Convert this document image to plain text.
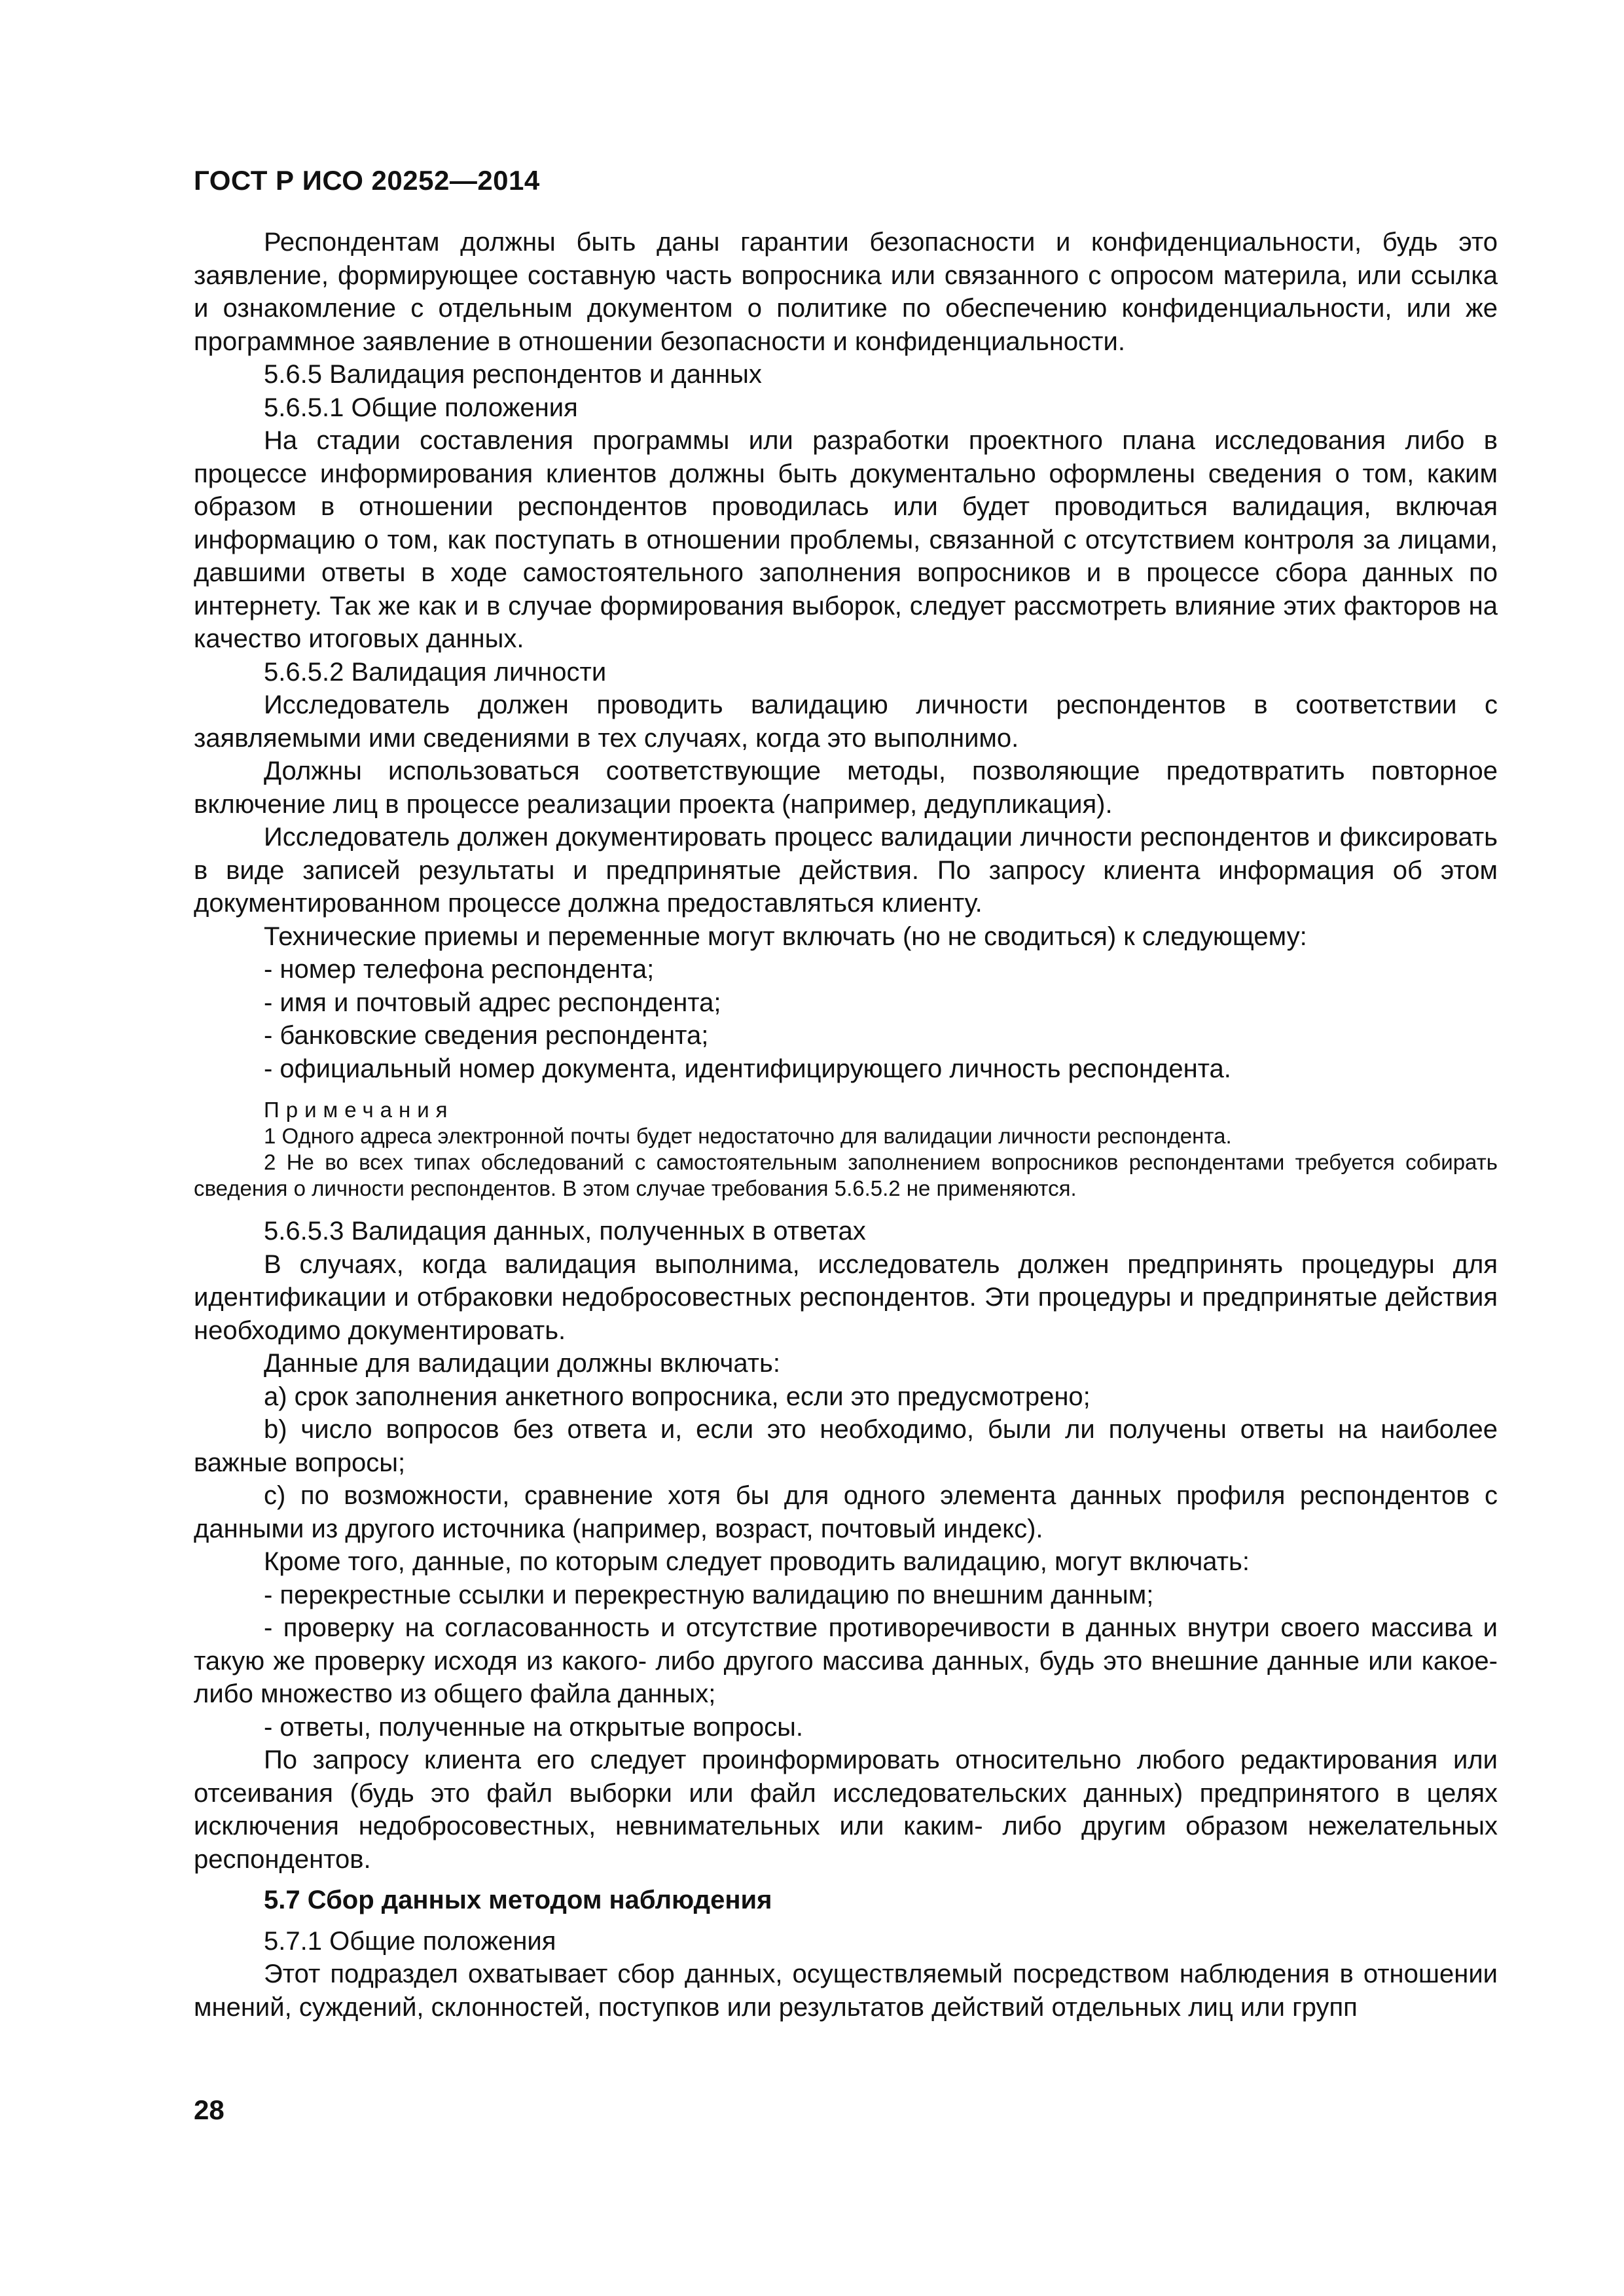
ГОСТ Р ИСО 20252—2014

Респондентам должны быть даны гарантии безопасности и конфиденциальности, будь это заявление, формирующее составную часть вопросника или связанного с опросом материла, или ссылка и ознакомление с отдельным документом о политике по обеспечению конфиденциальности, или же программное заявление в отношении безопасности и конфиденциальности.

5.6.5 Валидация респондентов и данных

5.6.5.1 Общие положения

На стадии составления программы или разработки проектного плана исследования либо в процессе информирования клиентов должны быть документально оформлены сведения о том, каким образом в отношении респондентов проводилась или будет проводиться валидация, включая информацию о том, как поступать в отношении проблемы, связанной с отсутствием контроля за лицами, давшими ответы в ходе самостоятельного заполнения вопросников и в процессе сбора данных по интернету. Так же как и в случае формирования выборок, следует рассмотреть влияние этих факторов на качество итоговых данных.

5.6.5.2 Валидация личности

Исследователь должен проводить валидацию личности респондентов в соответствии с заявляемыми ими сведениями в тех случаях, когда это выполнимо.

Должны использоваться соответствующие методы, позволяющие предотвратить повторное включение лиц в процессе реализации проекта (например, дедупликация).

Исследователь должен документировать процесс валидации личности респондентов и фиксировать в виде записей результаты и предпринятые действия. По запросу клиента информация об этом документированном процессе должна предоставляться клиенту.

Технические приемы и переменные могут включать (но не сводиться) к следующему:

- номер телефона респондента;

- имя и почтовый адрес респондента;

- банковские сведения респондента;

- официальный номер документа, идентифицирующего личность респондента.

Примечания

1 Одного адреса электронной почты будет недостаточно для валидации личности респондента.

2 Не во всех типах обследований с самостоятельным заполнением вопросников респондентами требуется собирать сведения о личности респондентов. В этом случае требования 5.6.5.2 не применяются.

5.6.5.3 Валидация данных, полученных в ответах

В случаях, когда валидация выполнима, исследователь должен предпринять процедуры для идентификации и отбраковки недобросовестных респондентов. Эти процедуры и предпринятые действия необходимо документировать.

Данные для валидации должны включать:

а) срок заполнения анкетного вопросника, если это предусмотрено;

b) число вопросов без ответа и, если это необходимо, были ли получены ответы на наиболее важные вопросы;

с) по возможности, сравнение хотя бы для одного элемента данных профиля респондентов с данными из другого источника (например, возраст, почтовый индекс).

Кроме того, данные, по которым следует проводить валидацию, могут включать:

- перекрестные ссылки и перекрестную валидацию по внешним данным;

- проверку на согласованность и отсутствие противоречивости в данных внутри своего массива и такую же проверку исходя из какого- либо другого массива данных, будь это внешние данные или какое-либо множество из общего файла данных;

- ответы, полученные на открытые вопросы.

По запросу клиента его следует проинформировать относительно любого редактирования или отсеивания (будь это файл выборки или файл исследовательских данных) предпринятого в целях исключения недобросовестных, невнимательных или каким- либо другим образом нежелательных респондентов.

5.7 Сбор данных методом наблюдения

5.7.1 Общие положения

Этот подраздел охватывает сбор данных, осуществляемый посредством наблюдения в отношении мнений, суждений, склонностей, поступков или результатов действий отдельных лиц или групп

28
